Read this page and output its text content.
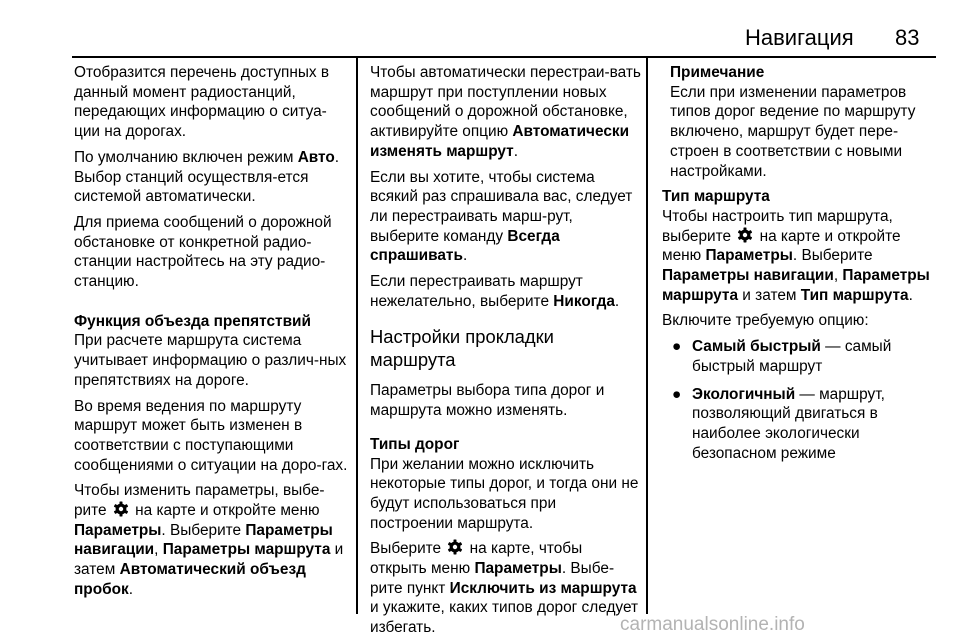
Навигация 83

Отобразится перечень доступных в данный момент радиостанций, передающих информацию о ситуа-ции на дорогах.

По умолчанию включен режим Авто. Выбор станций осуществля-ется системой автоматически.

Для приема сообщений о дорожной обстановке от конкретной радио-станции настройтесь на эту радио-станцию.

Функция объезда препятствий

При расчете маршрута система учитывает информацию о различ-ных препятствиях на дороге.

Во время ведения по маршруту маршрут может быть изменен в соответствии с поступающими сообщениями о ситуации на доро-гах.

Чтобы изменить параметры, выбе-рите  на карте и откройте меню Параметры. Выберите Параметры навигации, Параметры маршрута и затем Автоматический объезд пробок.

Чтобы автоматически перестраи-вать маршрут при поступлении новых сообщений о дорожной обстановке, активируйте опцию Автоматически изменять маршрут.

Если вы хотите, чтобы система всякий раз спрашивала вас, следует ли перестраивать марш-рут, выберите команду Всегда спрашивать.

Если перестраивать маршрут нежелательно, выберите Никогда.

Настройки прокладки маршрута

Параметры выбора типа дорог и маршрута можно изменять.

Типы дорог

При желании можно исключить некоторые типы дорог, и тогда они не будут использоваться при построении маршрута.

Выберите  на карте, чтобы открыть меню Параметры. Выбе-рите пункт Исключить из маршрута и укажите, каких типов дорог следует избегать.

Примечание

Если при изменении параметров типов дорог ведение по маршруту включено, маршрут будет пере-строен в соответствии с новыми настройками.

Тип маршрута

Чтобы настроить тип маршрута, выберите  на карте и откройте меню Параметры. Выберите Параметры навигации, Параметры маршрута и затем Тип маршрута.

Включите требуемую опцию:

● Самый быстрый — самый быстрый маршрут
● Экологичный — маршрут, позволяющий двигаться в наиболее экологически безопасном режиме
carmanualsonline.info
